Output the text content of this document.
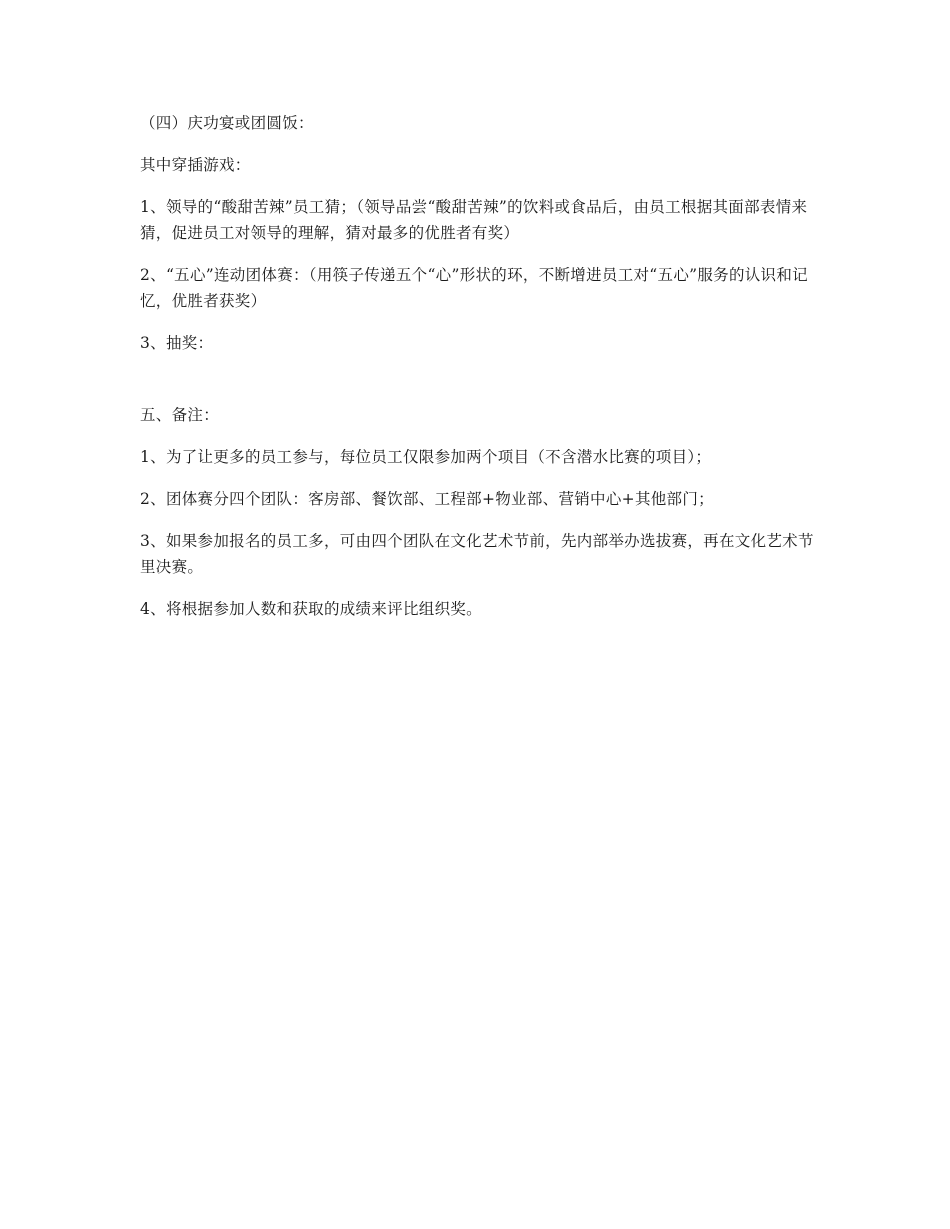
（四）庆功宴或团圆饭：

其中穿插游戏：

1、领导的“酸甜苦辣”员工猜；（领导品尝“酸甜苦辣”的饮料或食品后，由员工根据其面部表情来猜，促进员工对领导的理解，猜对最多的优胜者有奖）

2、“五心”连动团体赛：（用筷子传递五个“心”形状的环，不断增进员工对“五心”服务的认识和记忆，优胜者获奖）

3、抽奖：

五、备注：

1、为了让更多的员工参与，每位员工仅限参加两个项目（不含潜水比赛的项目）；

2、团体赛分四个团队：客房部、餐饮部、工程部+物业部、营销中心+其他部门；

3、如果参加报名的员工多，可由四个团队在文化艺术节前，先内部举办选拔赛，再在文化艺术节里决赛。

4、将根据参加人数和获取的成绩来评比组织奖。
